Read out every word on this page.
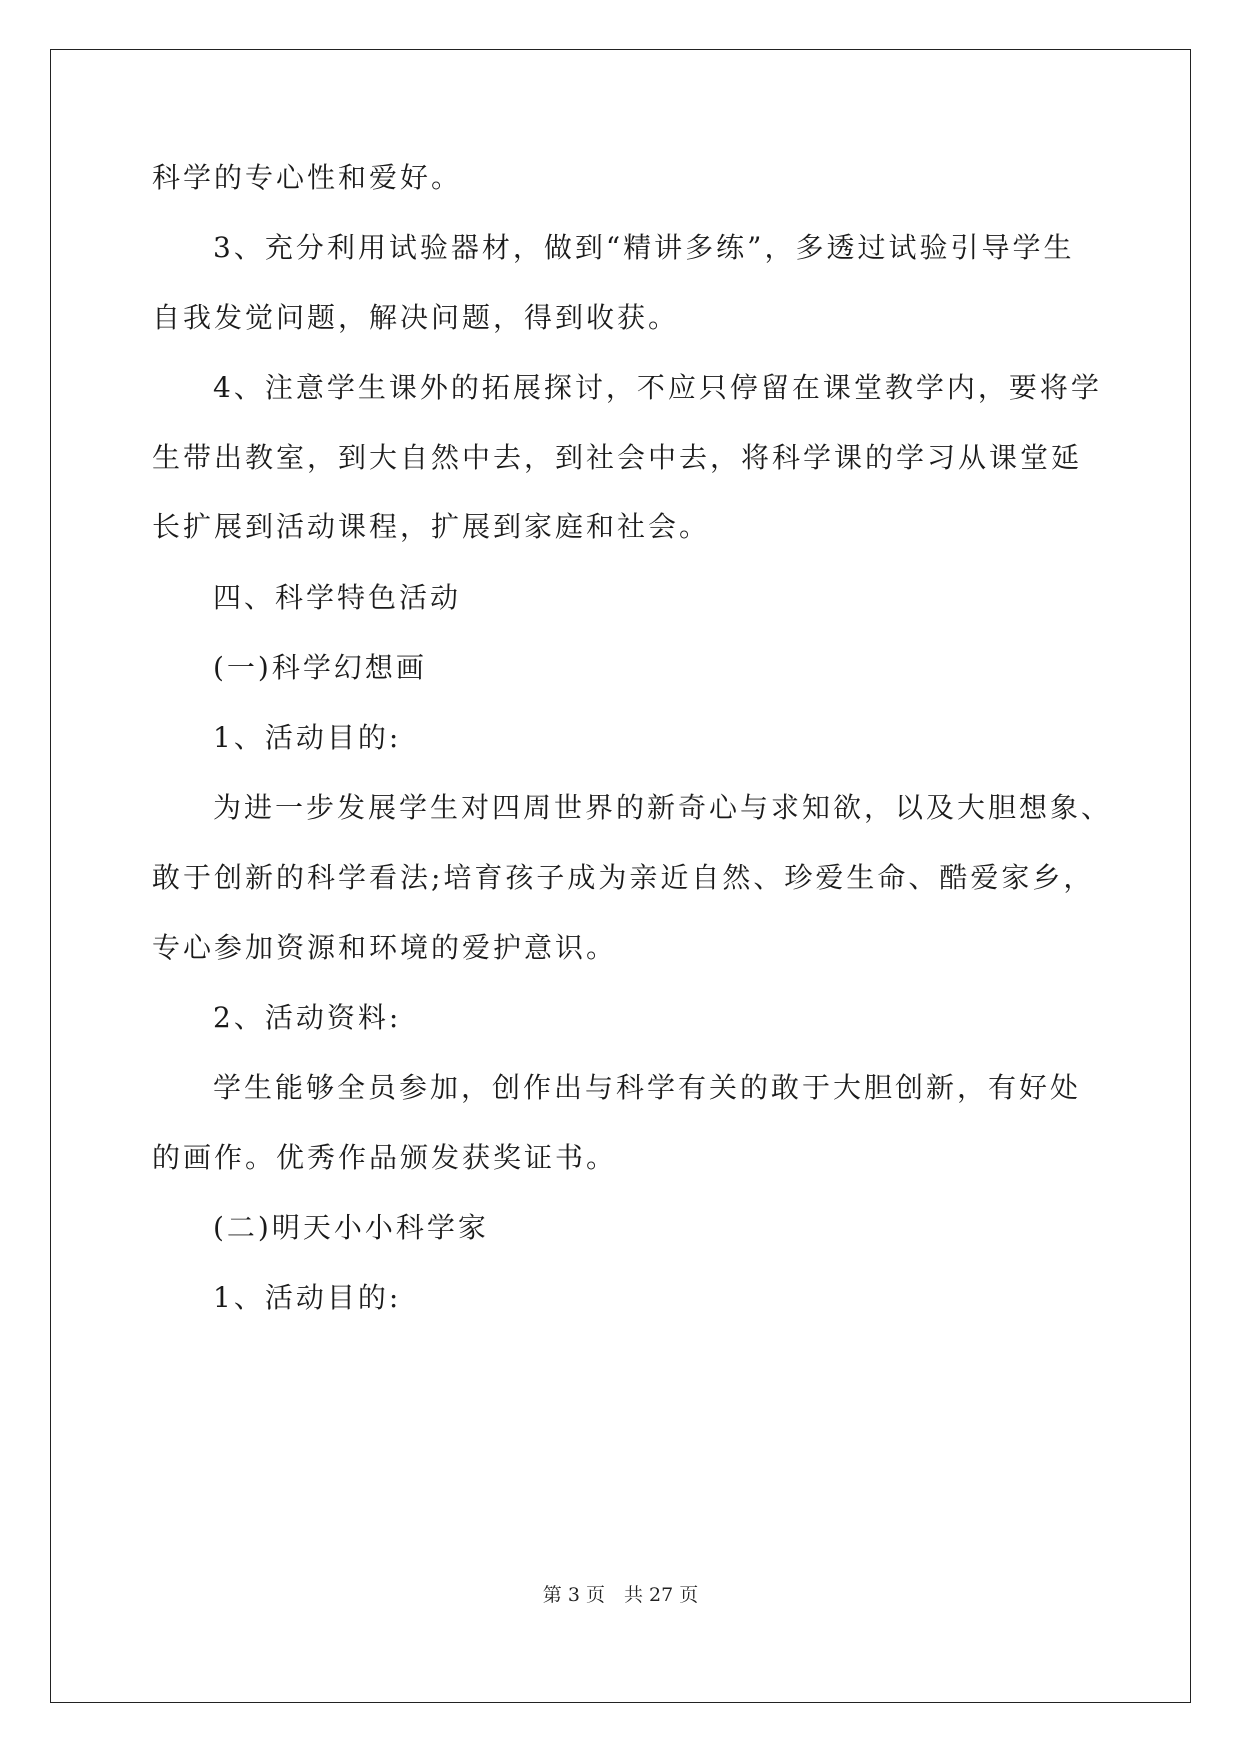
科学的专心性和爱好。
3、充分利用试验器材，做到“精讲多练”，多透过试验引导学生
自我发觉问题，解决问题，得到收获。
4、注意学生课外的拓展探讨，不应只停留在课堂教学内，要将学
生带出教室，到大自然中去，到社会中去，将科学课的学习从课堂延
长扩展到活动课程，扩展到家庭和社会。
四、科学特色活动
(一)科学幻想画
1、活动目的:
为进一步发展学生对四周世界的新奇心与求知欲，以及大胆想象、
敢于创新的科学看法;培育孩子成为亲近自然、珍爱生命、酷爱家乡，
专心参加资源和环境的爱护意识。
2、活动资料:
学生能够全员参加，创作出与科学有关的敢于大胆创新，有好处
的画作。优秀作品颁发获奖证书。
(二)明天小小科学家
1、活动目的:
第 3 页　共 27 页
